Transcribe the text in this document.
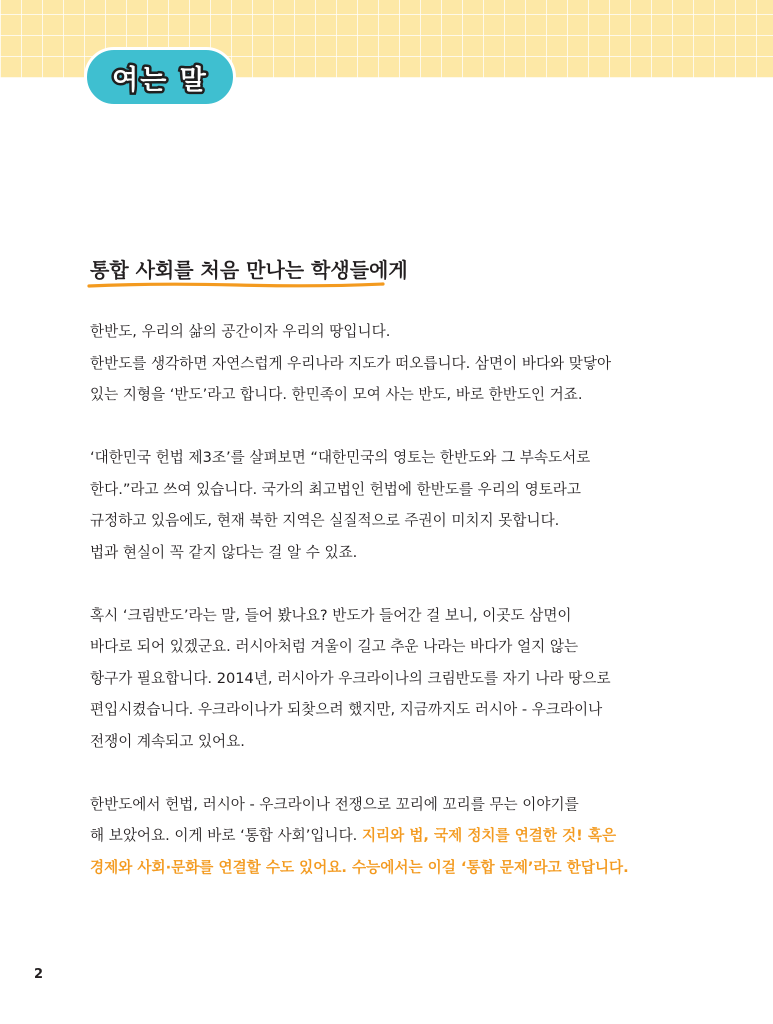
여는 말
통합 사회를 처음 만나는 학생들에게
한반도, 우리의 삶의 공간이자 우리의 땅입니다.
한반도를 생각하면 자연스럽게 우리나라 지도가 떠오릅니다. 삼면이 바다와 맞닿아
있는 지형을 ‘반도’라고 합니다. 한민족이 모여 사는 반도, 바로 한반도인 거죠.
‘대한민국 헌법 제3조’를 살펴보면 “대한민국의 영토는 한반도와 그 부속도서로
한다.”라고 쓰여 있습니다. 국가의 최고법인 헌법에 한반도를 우리의 영토라고
규정하고 있음에도, 현재 북한 지역은 실질적으로 주권이 미치지 못합니다.
법과 현실이 꼭 같지 않다는 걸 알 수 있죠.
혹시 ‘크림반도’라는 말, 들어 봤나요? 반도가 들어간 걸 보니, 이곳도 삼면이
바다로 되어 있겠군요. 러시아처럼 겨울이 길고 추운 나라는 바다가 얼지 않는
항구가 필요합니다. 2014년, 러시아가 우크라이나의 크림반도를 자기 나라 땅으로
편입시켰습니다. 우크라이나가 되찾으려 했지만, 지금까지도 러시아 - 우크라이나
전쟁이 계속되고 있어요.
한반도에서 헌법, 러시아 - 우크라이나 전쟁으로 꼬리에 꼬리를 무는 이야기를
해 보았어요. 이게 바로 ‘통합 사회’입니다. 지리와 법, 국제 정치를 연결한 것! 혹은
경제와 사회·문화를 연결할 수도 있어요. 수능에서는 이걸 ‘통합 문제’라고 한답니다.
2
